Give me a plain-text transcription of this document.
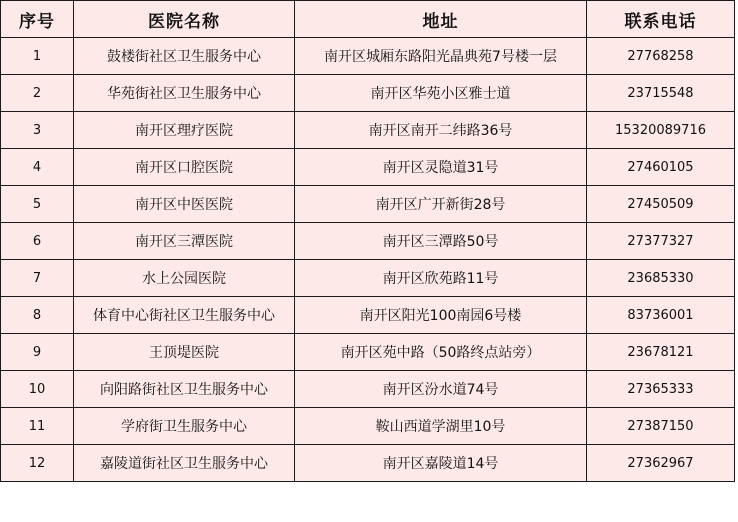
序号	医院名称	地址	联系电话
1	鼓楼街社区卫生服务中心	南开区城厢东路阳光晶典苑7号楼一层	27768258
2	华苑街社区卫生服务中心	南开区华苑小区雅士道	23715548
3	南开区理疗医院	南开区南开二纬路36号	15320089716
4	南开区口腔医院	南开区灵隐道31号	27460105
5	南开区中医医院	南开区广开新街28号	27450509
6	南开区三潭医院	南开区三潭路50号	27377327
7	水上公园医院	南开区欣苑路11号	23685330
8	体育中心街社区卫生服务中心	南开区阳光100南园6号楼	83736001
9	王顶堤医院	南开区苑中路（50路终点站旁）	23678121
10	向阳路街社区卫生服务中心	南开区汾水道74号	27365333
11	学府街卫生服务中心	鞍山西道学湖里10号	27387150
12	嘉陵道街社区卫生服务中心	南开区嘉陵道14号	27362967
